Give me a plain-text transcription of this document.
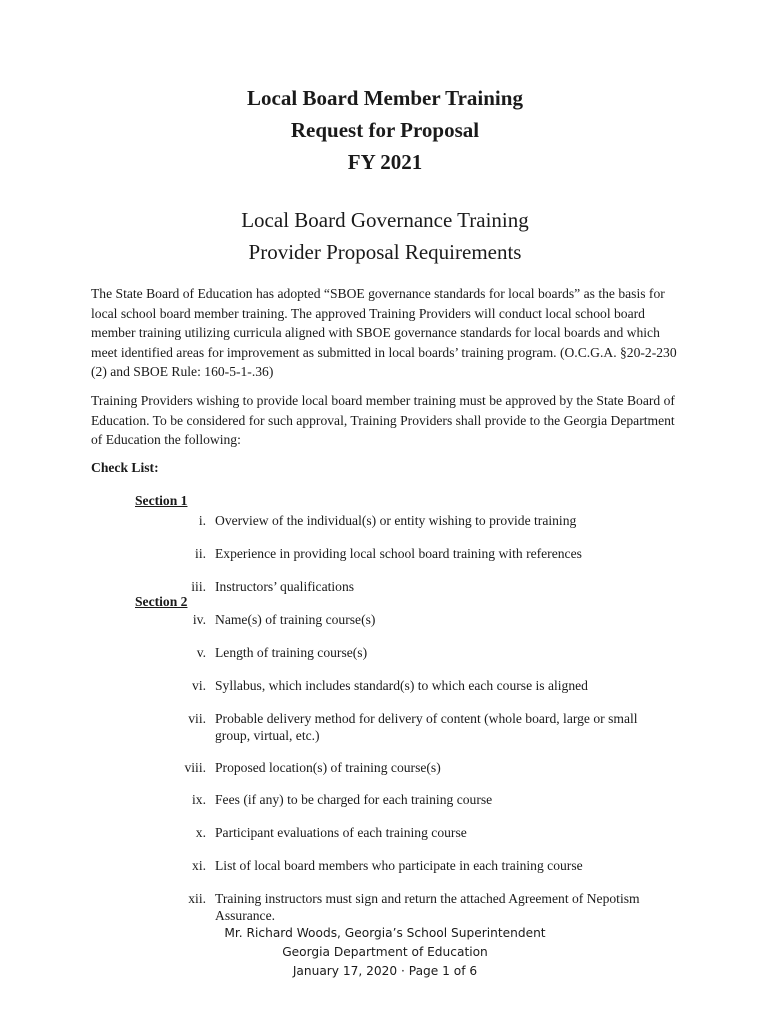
Local Board Member Training
Request for Proposal
FY 2021
Local Board Governance Training
Provider Proposal Requirements

The State Board of Education has adopted “SBOE governance standards for local boards” as the basis for local school board member training. The approved Training Providers will conduct local school board member training utilizing curricula aligned with SBOE governance standards for local boards and which meet identified areas for improvement as submitted in local boards’ training program. (O.C.G.A. §20-2-230 (2) and SBOE Rule: 160-5-1-.36)

Training Providers wishing to provide local board member training must be approved by the State Board of Education. To be considered for such approval, Training Providers shall provide to the Georgia Department of Education the following:

Check List:
Section 1
i. Overview of the individual(s) or entity wishing to provide training
ii. Experience in providing local school board training with references
iii. Instructors’ qualifications
Section 2
iv. Name(s) of training course(s)
v. Length of training course(s)
vi. Syllabus, which includes standard(s) to which each course is aligned
vii. Probable delivery method for delivery of content (whole board, large or small group, virtual, etc.)
viii. Proposed location(s) of training course(s)
ix. Fees (if any) to be charged for each training course
x. Participant evaluations of each training course
xi. List of local board members who participate in each training course
xii. Training instructors must sign and return the attached Agreement of Nepotism Assurance.
Mr. Richard Woods, Georgia’s School Superintendent
Georgia Department of Education
January 17, 2020 · Page 1 of 6
